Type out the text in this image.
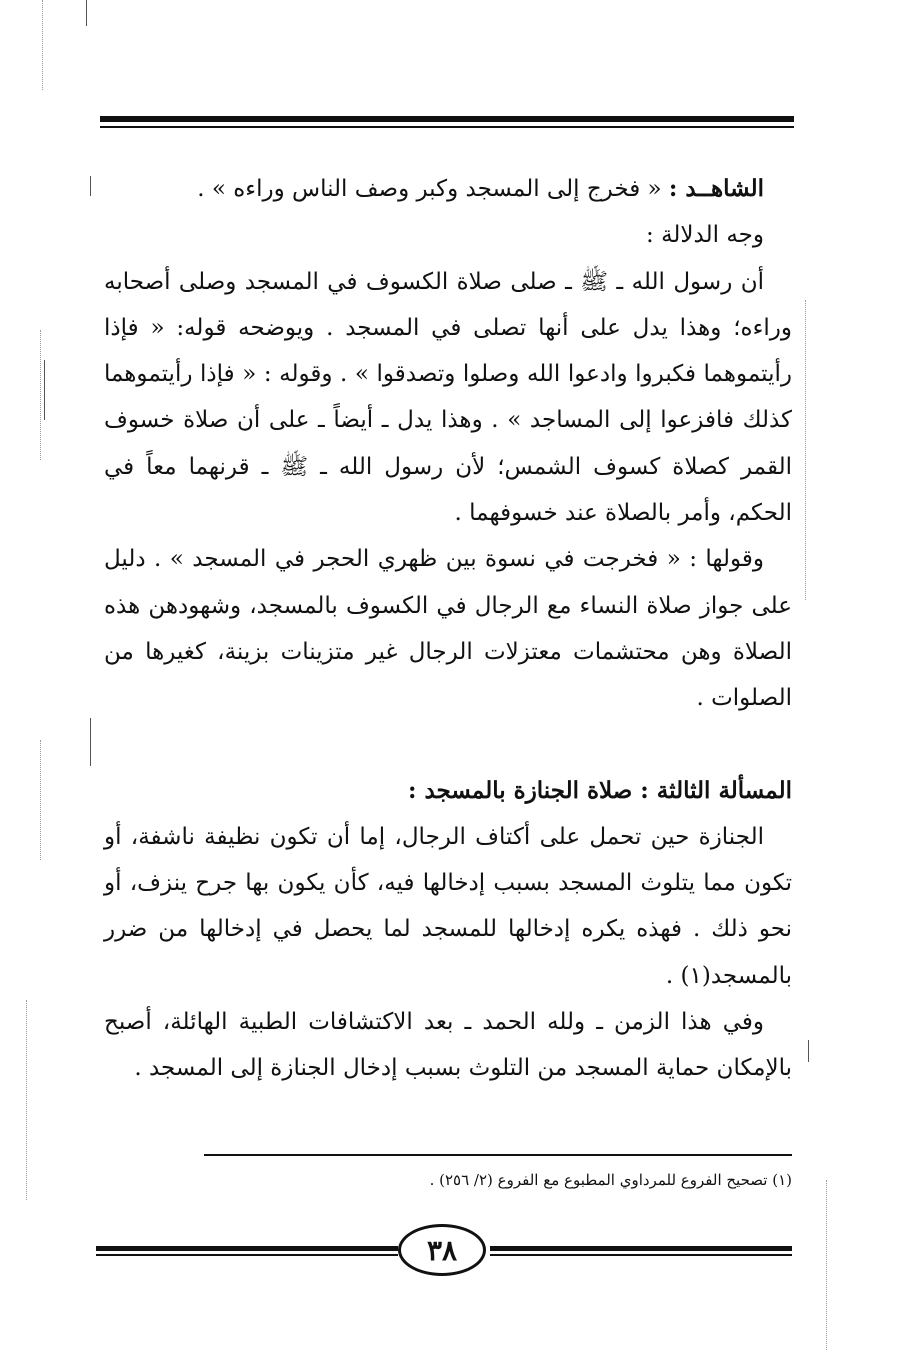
الشاهــد : « فخرج إلى المسجد وكبر وصف الناس وراءه » .

وجه الدلالة :

أن رسول الله ـ ﷺ ـ صلى صلاة الكسوف في المسجد وصلى أصحابه وراءه؛ وهذا يدل على أنها تصلى في المسجد . ويوضحه قوله: « فإذا رأيتموهما فكبروا وادعوا الله وصلوا وتصدقوا » . وقوله : « فإذا رأيتموهما كذلك فافزعوا إلى المساجد » . وهذا يدل ـ أيضاً ـ على أن صلاة خسوف القمر كصلاة كسوف الشمس؛ لأن رسول الله ـ ﷺ ـ قرنهما معاً في الحكم، وأمر بالصلاة عند خسوفهما .

وقولها : « فخرجت في نسوة بين ظهري الحجر في المسجد » . دليل على جواز صلاة النساء مع الرجال في الكسوف بالمسجد، وشهودهن هذه الصلاة وهن محتشمات معتزلات الرجال غير متزينات بزينة، كغيرها من الصلوات .

المسألة الثالثة : صلاة الجنازة بالمسجد :

الجنازة حين تحمل على أكتاف الرجال، إما أن تكون نظيفة ناشفة، أو تكون مما يتلوث المسجد بسبب إدخالها فيه، كأن يكون بها جرح ينزف، أو نحو ذلك . فهذه يكره إدخالها للمسجد لما يحصل في إدخالها من ضرر بالمسجد(١) .

وفي هذا الزمن ـ ولله الحمد ـ بعد الاكتشافات الطبية الهائلة، أصبح بالإمكان حماية المسجد من التلوث بسبب إدخال الجنازة إلى المسجد .

(١) تصحيح الفروع للمرداوي المطبوع مع الفروع (٢/ ٢٥٦) .
٣٨
